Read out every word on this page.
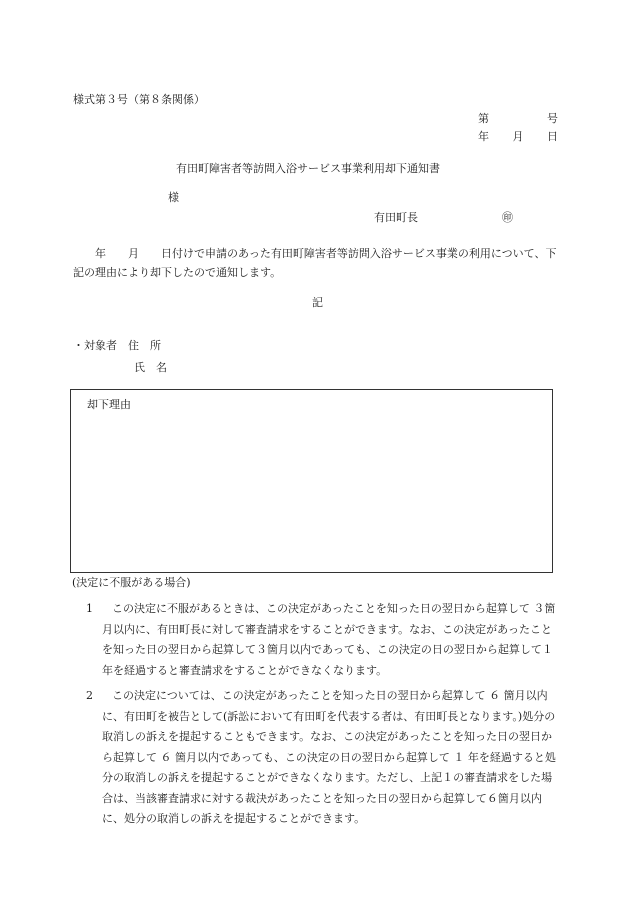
様式第３号（第８条関係）
第	号
年 月 日
有田町障害者等訪問入浴サービス事業利用却下通知書
様
有田町長	㊞
　　年　　月　　日付けで申請のあった有田町障害者等訪問入浴サービス事業の利用について、下記の理由により却下したので通知します。
記
・対象者　住　所
氏　名
却下理由
(決定に不服がある場合)
1	この決定に不服があるときは、この決定があったことを知った日の翌日から起算して ３箇月以内に、有田町長に対して審査請求をすることができます。なお、この決定があったことを知った日の翌日から起算して３箇月以内であっても、この決定の日の翌日から起算して１年を経過すると審査請求をすることができなくなります。
2	この決定については、この決定があったことを知った日の翌日から起算して ６ 箇月以内に、有田町を被告として(訴訟において有田町を代表する者は、有田町長となります。)処分の取消しの訴えを提起することもできます。なお、この決定があったことを知った日の翌日から起算して ６ 箇月以内であっても、この決定の日の翌日から起算して １ 年を経過すると処分の取消しの訴えを提起することができなくなります。ただし、上記１の審査請求をした場合は、当該審査請求に対する裁決があったことを知った日の翌日から起算して６箇月以内に、処分の取消しの訴えを提起することができます。
